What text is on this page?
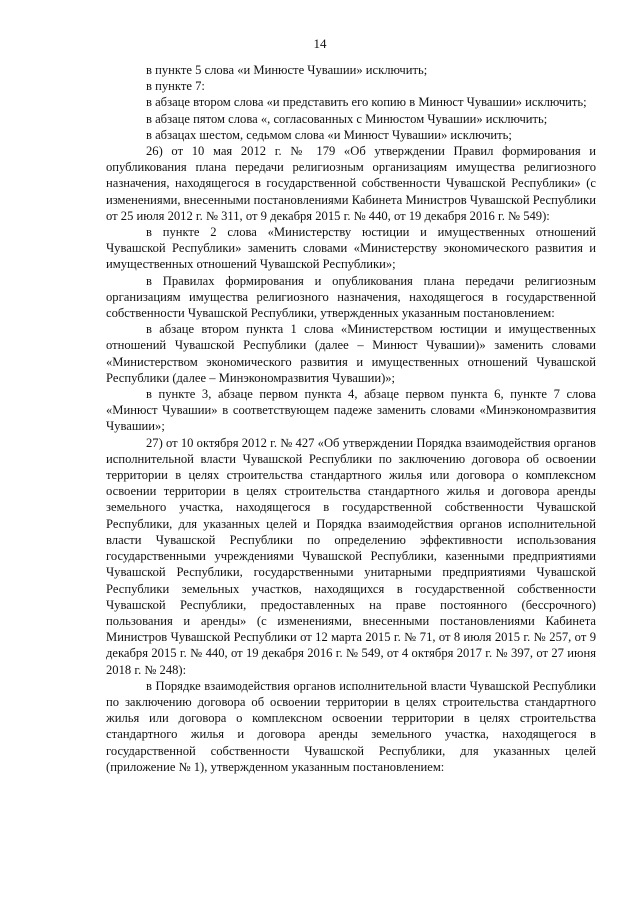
14

в пункте 5 слова «и Минюсте Чувашии» исключить;

в пункте 7:

в абзаце втором слова «и представить его копию в Минюст Чувашии» исключить;

в абзаце пятом слова «, согласованных с Минюстом Чувашии» исключить;

в абзацах шестом, седьмом слова «и Минюст Чувашии» исключить;

26) от 10 мая 2012 г. № 179 «Об утверждении Правил формирования и опубликования плана передачи религиозным организациям имущества религиозного назначения, находящегося в государственной собственности Чувашской Республики» (с изменениями, внесенными постановлениями Кабинета Министров Чувашской Республики от 25 июля 2012 г. № 311, от 9 декабря 2015 г. № 440, от 19 декабря 2016 г. № 549):

в пункте 2 слова «Министерству юстиции и имущественных отношений Чувашской Республики» заменить словами «Министерству экономического развития и имущественных отношений Чувашской Республики»;

в Правилах формирования и опубликования плана передачи религиозным организациям имущества религиозного назначения, находящегося в государственной собственности Чувашской Республики, утвержденных указанным постановлением:

в абзаце втором пункта 1 слова «Министерством юстиции и имущественных отношений Чувашской Республики (далее – Минюст Чувашии)» заменить словами «Министерством экономического развития и имущественных отношений Чувашской Республики (далее – Минэкономразвития Чувашии)»;

в пункте 3, абзаце первом пункта 4, абзаце первом пункта 6, пункте 7 слова «Минюст Чувашии» в соответствующем падеже заменить словами «Минэкономразвития Чувашии»;

27) от 10 октября 2012 г. № 427 «Об утверждении Порядка взаимодействия органов исполнительной власти Чувашской Республики по заключению договора об освоении территории в целях строительства стандартного жилья или договора о комплексном освоении территории в целях строительства стандартного жилья и договора аренды земельного участка, находящегося в государственной собственности Чувашской Республики, для указанных целей и Порядка взаимодействия органов исполнительной власти Чувашской Республики по определению эффективности использования государственными учреждениями Чувашской Республики, казенными предприятиями Чувашской Республики, государственными унитарными предприятиями Чувашской Республики земельных участков, находящихся в государственной собственности Чувашской Республики, предоставленных на праве постоянного (бессрочного) пользования и аренды» (с изменениями, внесенными постановлениями Кабинета Министров Чувашской Республики от 12 марта 2015 г. № 71, от 8 июля 2015 г. № 257, от 9 декабря 2015 г. № 440, от 19 декабря 2016 г. № 549, от 4 октября 2017 г. № 397, от 27 июня 2018 г. № 248):

в Порядке взаимодействия органов исполнительной власти Чувашской Республики по заключению договора об освоении территории в целях строительства стандартного жилья или договора о комплексном освоении территории в целях строительства стандартного жилья и договора аренды земельного участка, находящегося в государственной собственности Чувашской Республики, для указанных целей (приложение № 1), утвержденном указанным постановлением:
